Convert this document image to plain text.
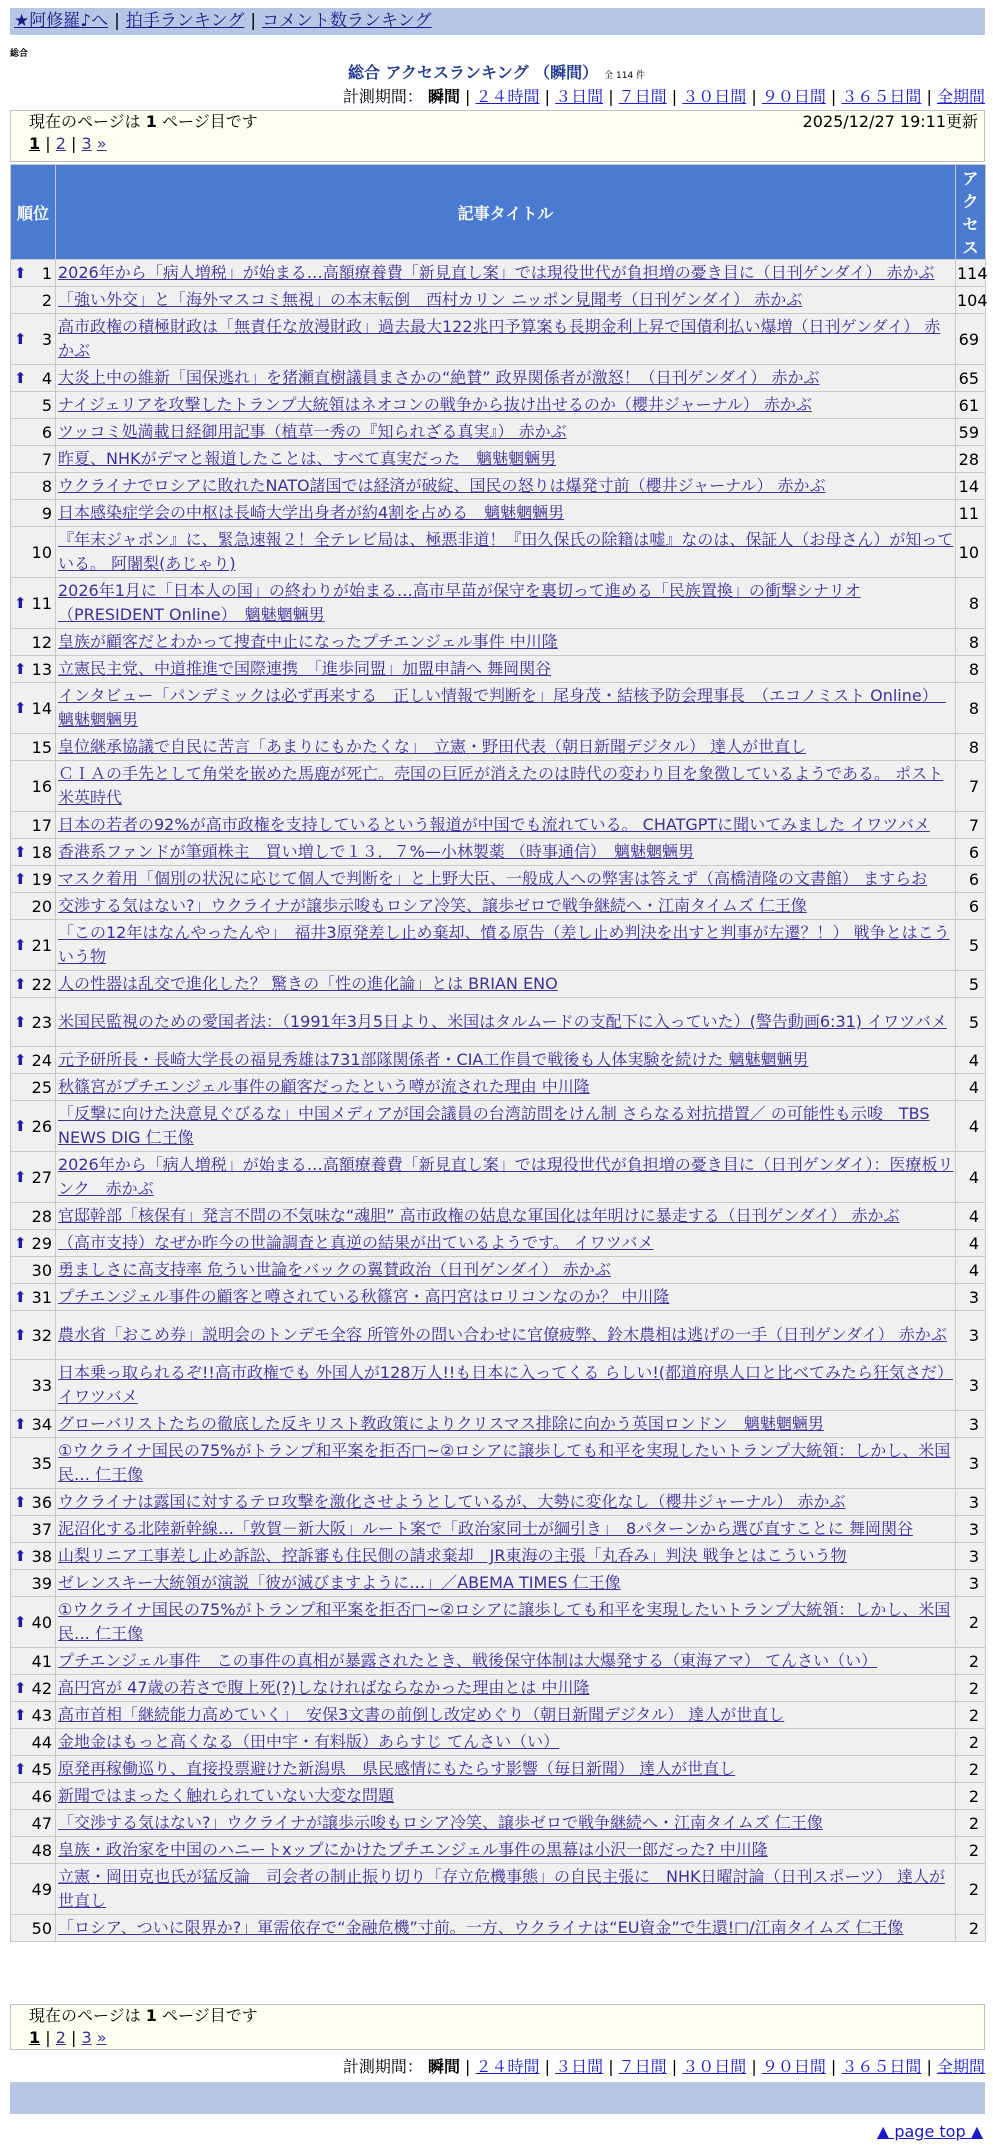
★阿修羅♪へ | 拍手ランキング | コメント数ランキング
総合
総合 アクセスランキング （瞬間） 全 114 件
計測期間： 瞬間 | ２４時間 | ３日間 | ７日間 | ３０日間 | ９０日間 | ３６５日間 | 全期間
現在のページは 1 ページ目です	2025/12/27 19:11更新
1 | 2 | 3 »
順位	記事タイトル	アクセス

⬆ 1	2026年から「病人増税」が始まる…高額療養費「新見直し案」では現役世代が負担増の憂き目に（日刊ゲンダイ） 赤かぶ	114
2	「強い外交」と「海外マスコミ無視」の本末転倒　西村カリン ニッポン見聞考（日刊ゲンダイ） 赤かぶ	104

⬆ 3	高市政権の積極財政は「無責任な放漫財政」過去最大122兆円予算案も長期金利上昇で国債利払い爆増（日刊ゲンダイ） 赤かぶ	69

⬆ 4	大炎上中の維新「国保逃れ」を猪瀬直樹議員まさかの“絶賛” 政界関係者が激怒！（日刊ゲンダイ） 赤かぶ	65
5	ナイジェリアを攻撃したトランプ大統領はネオコンの戦争から抜け出せるのか（櫻井ジャーナル） 赤かぶ	61
6	ツッコミ処満載日経御用記事（植草一秀の『知られざる真実』） 赤かぶ	59
7	昨夏、NHKがデマと報道したことは、すべて真実だった　魑魅魍魎男	28
8	ウクライナでロシアに敗れたNATO諸国では経済が破綻、国民の怒りは爆発寸前（櫻井ジャーナル） 赤かぶ	14
9	日本感染症学会の中枢は長崎大学出身者が約4割を占める　魑魅魍魎男	11
10	『年末ジャポン』に、緊急速報２！全テレビ局は、極悪非道！『田久保氏の除籍は嘘』なのは、保証人（お母さん）が知っている。 阿闍梨(あじゃり)	10

⬆ 11	2026年1月に「日本人の国」の終わりが始まる…高市早苗が保守を裏切って進める「民族置換」の衝撃シナリオ （PRESIDENT Online）　魑魅魍魎男	8
12	皇族が顧客だとわかって捜査中止になったプチエンジェル事件 中川隆	8

⬆ 13	立憲民主党、中道推進で国際連携　「進歩同盟」加盟申請へ 舞岡関谷	8

⬆ 14	インタビュー「パンデミックは必ず再来する　正しい情報で判断を」尾身茂・結核予防会理事長　（エコノミスト Online）　魑魅魍魎男	8
15	皇位継承協議で自民に苦言「あまりにもかたくな」　立憲・野田代表（朝日新聞デジタル） 達人が世直し	8
16	ＣＩＡの手先として角栄を嵌めた馬鹿が死亡。売国の巨匠が消えたのは時代の変わり目を象徴しているようである。 ポスト米英時代	7
17	日本の若者の92%が高市政権を支持しているという報道が中国でも流れている。 CHATGPTに聞いてみました イワツバメ	7

⬆ 18	香港系ファンドが筆頭株主　買い増しで１３．７%—小林製薬 （時事通信）　魑魅魍魎男	6

⬆ 19	マスク着用「個別の状況に応じて個人で判断を」と上野大臣、一般成人への弊害は答えず（高橋清隆の文書館） ますらお	6
20	交渉する気はない?」ウクライナが譲歩示唆もロシア冷笑、譲歩ゼロで戦争継続へ・江南タイムズ 仁王像	6

⬆ 21	「この12年はなんやったんや」　福井3原発差し止め棄却、憤る原告（差し止め判決を出すと判事が左遷？！） 戦争とはこういう物	5

⬆ 22	人の性器は乱交で進化した？ 驚きの「性の進化論」とは BRIAN ENO	5

⬆ 23	米国民監視のための愛国者法：（1991年3月5日より、米国はタルムードの支配下に入っていた）(警告動画6:31) イワツバメ	5

⬆ 24	元予研所長・長崎大学長の福見秀雄は731部隊関係者・CIA工作員で戦後も人体実験を続けた 魑魅魍魎男	4
25	秋篠宮がプチエンジェル事件の顧客だったという噂が流された理由 中川隆	4

⬆ 26	「反撃に向けた決意見ぐびるな」中国メディアが国会議員の台湾訪問をけん制 さらなる対抗措置／ の可能性も示唆　TBS NEWS DIG 仁王像	4

⬆ 27	2026年から「病人増税」が始まる…高額療養費「新見直し案」では現役世代が負担増の憂き目に（日刊ゲンダイ）：医療板リンク　赤かぶ	4
28	官邸幹部「核保有」発言不問の不気味な“魂胆” 高市政権の姑息な軍国化は年明けに暴走する（日刊ゲンダイ） 赤かぶ	4

⬆ 29	（高市支持）なぜか昨今の世論調査と真逆の結果が出ているようです。 イワツバメ	4
30	勇ましさに高支持率 危うい世論をバックの翼賛政治（日刊ゲンダイ） 赤かぶ	4

⬆ 31	プチエンジェル事件の顧客と噂されている秋篠宮・高円宮はロリコンなのか？ 中川隆	3

⬆ 32	農水省「おこめ券」説明会のトンデモ全容 所管外の問い合わせに官僚疲弊、鈴木農相は逃げの一手（日刊ゲンダイ） 赤かぶ	3
33	日本乗っ取られるぞ!!高市政権でも 外国人が128万人!!も日本に入ってくる らしい!(都道府県人口と比べてみたら狂気さだ）イワツバメ	3

⬆ 34	グローバリストたちの徹底した反キリスト教政策によりクリスマス排除に向かう英国ロンドン　魑魅魍魎男	3
35	①ウクライナ国民の75%がトランプ和平案を拒否□~②ロシアに譲歩しても和平を実現したいトランプ大統領：しかし、米国民… 仁王像	3

⬆ 36	ウクライナは露国に対するテロ攻撃を激化させようとしているが、大勢に変化なし（櫻井ジャーナル） 赤かぶ	3
37	泥沼化する北陸新幹線…「敦賀－新大阪」ルート案で「政治家同士が綱引き」　8パターンから選び直すことに 舞岡関谷	3

⬆ 38	山梨リニア工事差し止め訴訟、控訴審も住民側の請求棄却　JR東海の主張「丸呑み」判決 戦争とはこういう物	3
39	ゼレンスキー大統領が演説「彼が滅びますように…」／ABEMA TIMES 仁王像	3

⬆ 40	①ウクライナ国民の75%がトランプ和平案を拒否□~②ロシアに譲歩しても和平を実現したいトランプ大統領：しかし、米国民… 仁王像	2
41	プチエンジェル事件　この事件の真相が暴露されたとき、戦後保守体制は大爆発する（東海アマ） てんさい（い）	2

⬆ 42	高円宮が 47歳の若さで腹上死(?)しなければならなかった理由とは 中川隆	2

⬆ 43	高市首相「継続能力高めていく」　安保3文書の前倒し改定めぐり（朝日新聞デジタル） 達人が世直し	2
44	金地金はもっと高くなる（田中宇・有料版）あらすじ てんさい（い）	2

⬆ 45	原発再稼働巡り、直接投票避けた新潟県　県民感情にもたらす影響（毎日新聞） 達人が世直し	2
46	新聞ではまったく触れられていない大変な問題	2
47	「交渉する気はない?」ウクライナが譲歩示唆もロシア冷笑、譲歩ゼロで戦争継続へ・江南タイムズ 仁王像	2
48	皇族・政治家を中国のハニートxップにかけたプチエンジェル事件の黒幕は小沢一郎だった? 中川隆	2
49	立憲・岡田克也氏が猛反論　司会者の制止振り切り「存立危機事態」の自民主張に　NHK日曜討論（日刊スポーツ） 達人が世直し	2
50	「ロシア、ついに限界か?」軍需依存で“金融危機”寸前。一方、ウクライナは“EU資金”で生還!□/江南タイムズ 仁王像	2
現在のページは 1 ページ目です
1 | 2 | 3 »
計測期間： 瞬間 | ２４時間 | ３日間 | ７日間 | ３０日間 | ９０日間 | ３６５日間 | 全期間
▲ page top ▲
